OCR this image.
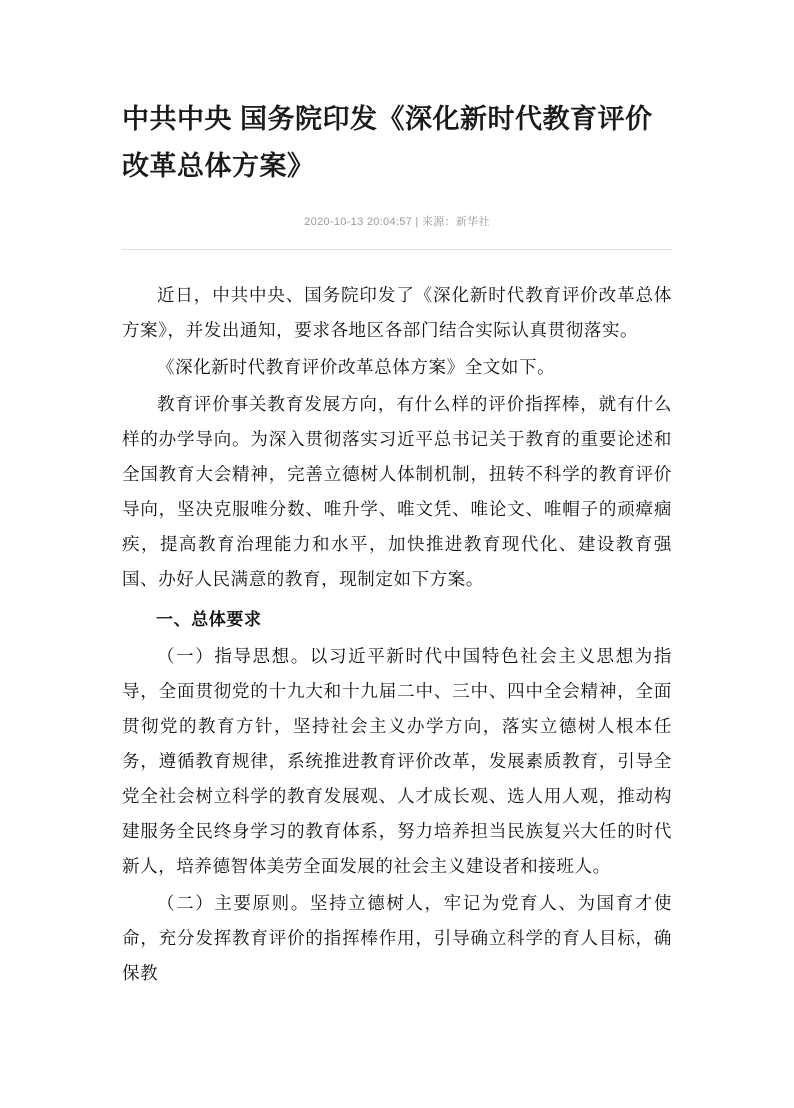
中共中央 国务院印发《深化新时代教育评价改革总体方案》
2020-10-13 20:04:57 | 来源：新华社

近日，中共中央、国务院印发了《深化新时代教育评价改革总体方案》，并发出通知，要求各地区各部门结合实际认真贯彻落实。

《深化新时代教育评价改革总体方案》全文如下。

教育评价事关教育发展方向，有什么样的评价指挥棒，就有什么样的办学导向。为深入贯彻落实习近平总书记关于教育的重要论述和全国教育大会精神，完善立德树人体制机制，扭转不科学的教育评价导向，坚决克服唯分数、唯升学、唯文凭、唯论文、唯帽子的顽瘴痼疾，提高教育治理能力和水平，加快推进教育现代化、建设教育强国、办好人民满意的教育，现制定如下方案。

一、总体要求

（一）指导思想。以习近平新时代中国特色社会主义思想为指导，全面贯彻党的十九大和十九届二中、三中、四中全会精神，全面贯彻党的教育方针，坚持社会主义办学方向，落实立德树人根本任务，遵循教育规律，系统推进教育评价改革，发展素质教育，引导全党全社会树立科学的教育发展观、人才成长观、选人用人观，推动构建服务全民终身学习的教育体系，努力培养担当民族复兴大任的时代新人，培养德智体美劳全面发展的社会主义建设者和接班人。

（二）主要原则。坚持立德树人，牢记为党育人、为国育才使命，充分发挥教育评价的指挥棒作用，引导确立科学的育人目标，确保教
